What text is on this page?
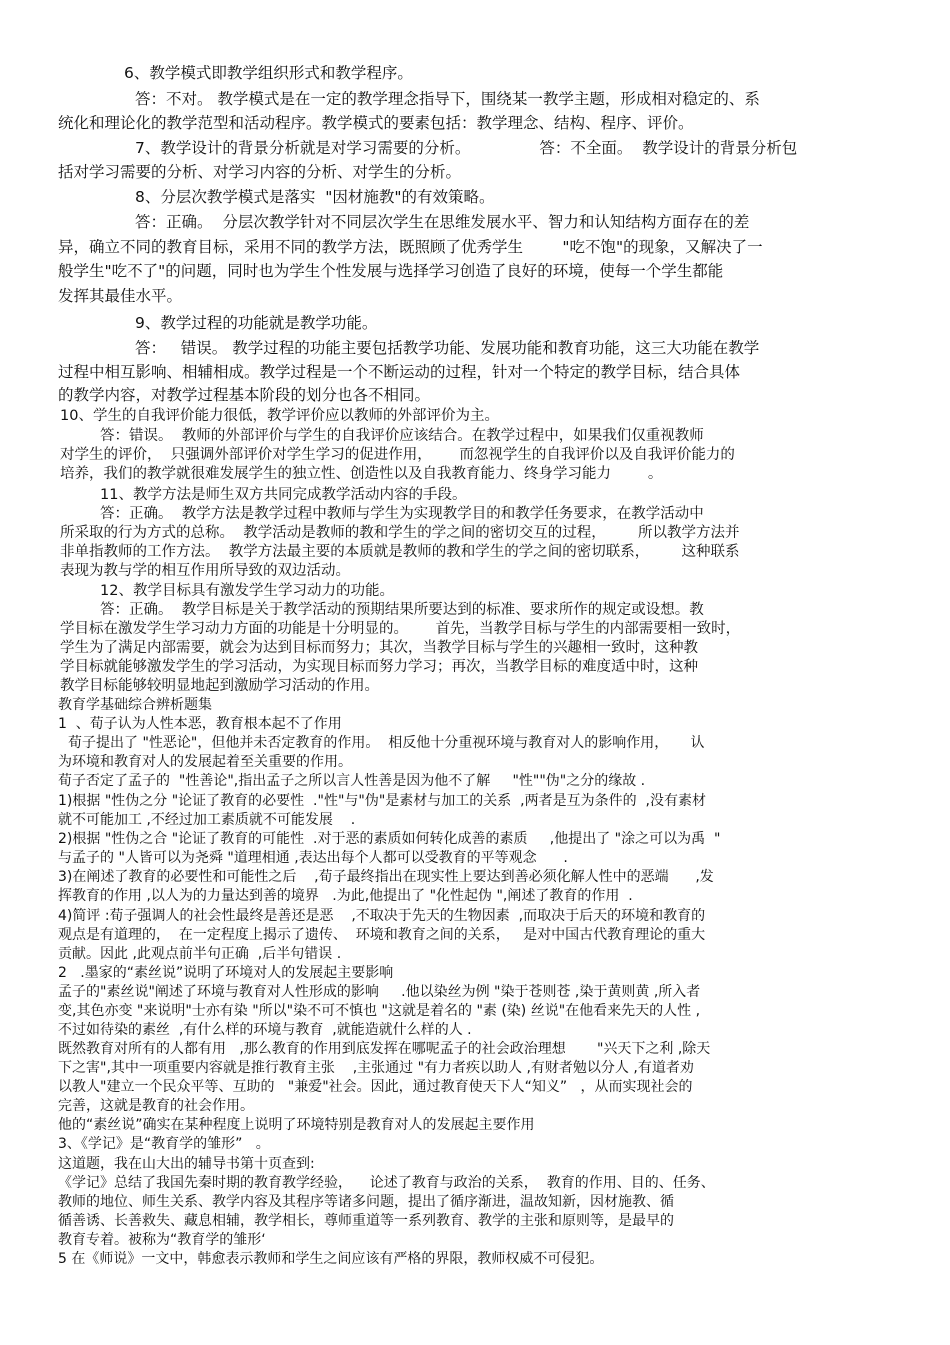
6、教学模式即教学组织形式和教学程序。
答：不对。 教学模式是在一定的教学理念指导下，围绕某一教学主题，形成相对稳定的、系
统化和理论化的教学范型和活动程序。教学模式的要素包括：教学理念、结构、程序、评价。
7、教学设计的背景分析就是对学习需要的分析。              答：不全面。  教学设计的背景分析包
括对学习需要的分析、对学习内容的分析、对学生的分析。
8、分层次教学模式是落实  "因材施教"的有效策略。
答：正确。  分层次教学针对不同层次学生在思维发展水平、智力和认知结构方面存在的差
异，确立不同的教育目标，采用不同的教学方法，既照顾了优秀学生        "吃不饱"的现象，又解决了一
般学生"吃不了"的问题，同时也为学生个性发展与选择学习创造了良好的环境，使每一个学生都能
发挥其最佳水平。
9、教学过程的功能就是教学功能。
答：   错误。 教学过程的功能主要包括教学功能、发展功能和教育功能，这三大功能在教学
过程中相互影响、相辅相成。教学过程是一个不断运动的过程，针对一个特定的教学目标，结合具体
的教学内容，对教学过程基本阶段的划分也各不相同。
10、学生的自我评价能力很低，教学评价应以教师的外部评价为主。
答：错误。  教师的外部评价与学生的自我评价应该结合。在教学过程中，如果我们仅重视教师
对学生的评价，  只强调外部评价对学生学习的促进作用，      而忽视学生的自我评价以及自我评价能力的
培养，我们的教学就很难发展学生的独立性、创造性以及自我教育能力、终身学习能力        。
11、教学方法是师生双方共同完成教学活动内容的手段。
答：正确。  教学方法是教学过程中教师与学生为实现教学目的和教学任务要求，在教学活动中
所采取的行为方式的总称。  教学活动是教师的教和学生的学之间的密切交互的过程，       所以教学方法并
非单指教师的工作方法。  教学方法最主要的本质就是教师的教和学生的学之间的密切联系，       这种联系
表现为教与学的相互作用所导致的双边活动。
12、教学目标具有激发学生学习动力的功能。
答：正确。  教学目标是关于教学活动的预期结果所要达到的标准、要求所作的规定或设想。教
学目标在激发学生学习动力方面的功能是十分明显的。      首先，当教学目标与学生的内部需要相一致时，
学生为了满足内部需要，就会为达到目标而努力；其次，当教学目标与学生的兴趣相一致时，这种教
学目标就能够激发学生的学习活动，为实现目标而努力学习；再次，当教学目标的难度适中时，这种
教学目标能够较明显地起到激励学习活动的作用。
教育学基础综合辨析题集
1  、荀子认为人性本恶，教育根本起不了作用
荀子提出了 "性恶论"，但他并未否定教育的作用。  相反他十分重视环境与教育对人的影响作用，     认
为环境和教育对人的发展起着至关重要的作用。
荀子否定了孟子的  "性善论",指出孟子之所以言人性善是因为他不了解     "性""伪"之分的缘故 .
1)根据 "性伪之分 "论证了教育的必要性  ."性"与"伪"是素材与加工的关系  ,两者是互为条件的  ,没有素材
就不可能加工 ,不经过加工素质就不可能发展    .
2)根据 "性伪之合 "论证了教育的可能性  .对于恶的素质如何转化成善的素质     ,他提出了 "涂之可以为禹  "
与孟子的 "人皆可以为尧舜 "道理相通 ,表达出每个人都可以受教育的平等观念      .
3)在阐述了教育的必要性和可能性之后    ,荀子最终指出在现实性上要达到善必须化解人性中的恶端      ,发
挥教育的作用 ,以人为的力量达到善的境界   .为此,他提出了 "化性起伪 ",阐述了教育的作用  .
4)简评 :荀子强调人的社会性最终是善还是恶    ,不取决于先天的生物因素  ,而取决于后天的环境和教育的
观点是有道理的，  在一定程度上揭示了遗传、  环境和教育之间的关系，   是对中国古代教育理论的重大
贡献。因此 ,此观点前半句正确  ,后半句错误 .
2   .墨家的“素丝说”说明了环境对人的发展起主要影响
孟子的"素丝说"阐述了环境与教育对人性形成的影响     .他以染丝为例 "染于苍则苍 ,染于黄则黄 ,所入者
变,其色亦变 "来说明"士亦有染 "所以"染不可不慎也 "这就是着名的 "素 (染) 丝说"在他看来先天的人性 ,
不过如待染的素丝  ,有什么样的环境与教育  ,就能造就什么样的人 .
既然教育对所有的人都有用   ,那么教育的作用到底发挥在哪呢孟子的社会政治理想       "兴天下之利 ,除天
下之害",其中一项重要内容就是推行教育主张    ,主张通过 "有力者疾以助人 ,有财者勉以分人 ,有道者劝
以教人"建立一个民众平等、互助的   "兼爱"社会。因此，通过教育使天下人“知义”   ，从而实现社会的
完善，这就是教育的社会作用。
他的“素丝说”确实在某种程度上说明了环境特别是教育对人的发展起主要作用
3、《学记》是“教育学的雏形”   。
这道题，我在山大出的辅导书第十页查到:
《学记》总结了我国先秦时期的教育教学经验，    论述了教育与政治的关系，  教育的作用、目的、任务、
教师的地位、师生关系、教学内容及其程序等诸多问题，提出了循序渐进，温故知新，因材施教、循
循善诱、长善救失、藏息相辅，教学相长，尊师重道等一系列教育、教学的主张和原则等，是最早的
教育专着。被称为“教育学的雏形‘
5 在《师说》一文中，韩愈表示教师和学生之间应该有严格的界限，教师权威不可侵犯。
